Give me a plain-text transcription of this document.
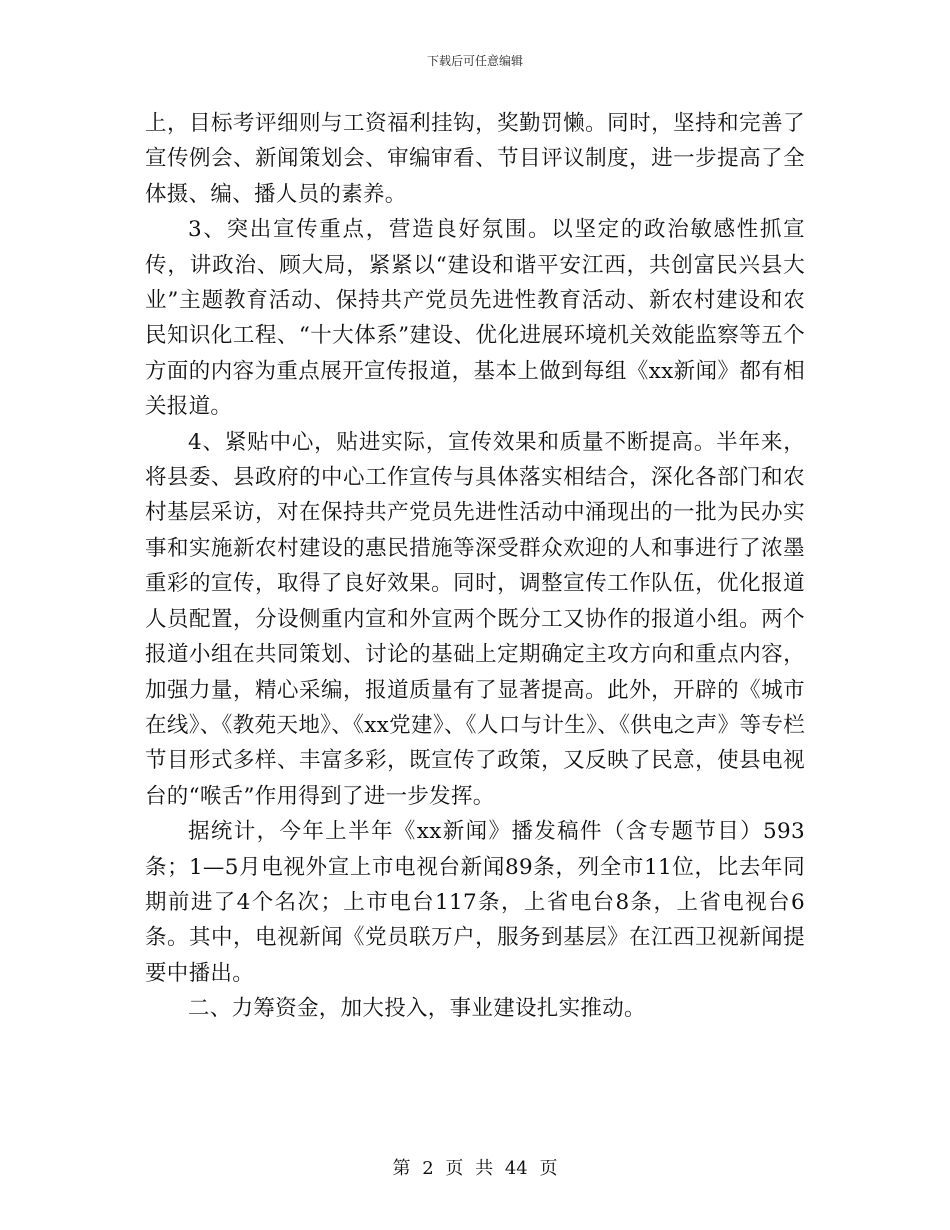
下载后可任意编辑

上，目标考评细则与工资福利挂钩，奖勤罚懒。同时，坚持和完善了宣传例会、新闻策划会、审编审看、节目评议制度，进一步提高了全体摄、编、播人员的素养。

3、突出宣传重点，营造良好氛围。以坚定的政治敏感性抓宣传，讲政治、顾大局，紧紧以“建设和谐平安江西，共创富民兴县大业”主题教育活动、保持共产党员先进性教育活动、新农村建设和农民知识化工程、“十大体系”建设、优化进展环境机关效能监察等五个方面的内容为重点展开宣传报道，基本上做到每组《xx新闻》都有相关报道。

4、紧贴中心，贴进实际，宣传效果和质量不断提高。半年来，将县委、县政府的中心工作宣传与具体落实相结合，深化各部门和农村基层采访，对在保持共产党员先进性活动中涌现出的一批为民办实事和实施新农村建设的惠民措施等深受群众欢迎的人和事进行了浓墨重彩的宣传，取得了良好效果。同时，调整宣传工作队伍，优化报道人员配置，分设侧重内宣和外宣两个既分工又协作的报道小组。两个报道小组在共同策划、讨论的基础上定期确定主攻方向和重点内容，加强力量，精心采编，报道质量有了显著提高。此外，开辟的《城市在线》、《教苑天地》、《xx党建》、《人口与计生》、《供电之声》等专栏节目形式多样、丰富多彩，既宣传了政策，又反映了民意，使县电视台的“喉舌”作用得到了进一步发挥。

据统计，今年上半年《xx新闻》播发稿件（含专题节目）593条；1—5月电视外宣上市电视台新闻89条，列全市11位，比去年同期前进了4个名次；上市电台117条，上省电台8条，上省电视台6条。其中，电视新闻《党员联万户，服务到基层》在江西卫视新闻提要中播出。

二、力筹资金，加大投入，事业建设扎实推动。

第 2 页 共 44 页
